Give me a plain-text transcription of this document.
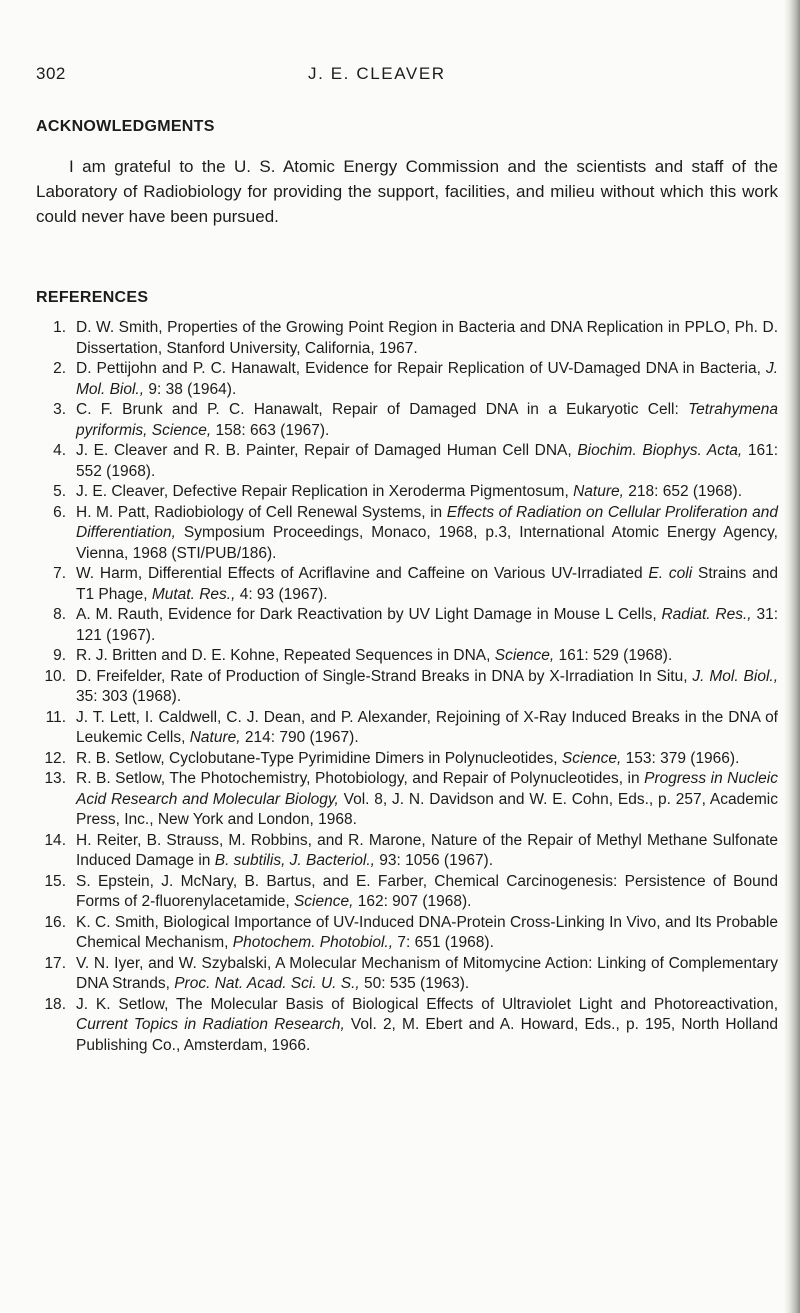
302	J. E. CLEAVER
ACKNOWLEDGMENTS

I am grateful to the U. S. Atomic Energy Commission and the scientists and staff of the Laboratory of Radiobiology for providing the support, facilities, and milieu without which this work could never have been pursued.

REFERENCES
1 . D. W. Smith, Properties of the Growing Point Region in Bacteria and DNA Replication in PPLO, Ph. D. Dissertation, Stanford University, California, 1967.
2 . D. Pettijohn and P. C. Hanawalt, Evidence for Repair Replication of UV-Damaged DNA in Bacteria, J. Mol. Biol., 9: 38 (1964).
3 . C. F. Brunk and P. C. Hanawalt, Repair of Damaged DNA in a Eukaryotic Cell: Tetrahymena pyriformis, Science, 158: 663 (1967).
4 . J. E. Cleaver and R. B. Painter, Repair of Damaged Human Cell DNA, Biochim. Biophys. Acta, 161: 552 (1968).
5 . J. E. Cleaver, Defective Repair Replication in Xeroderma Pigmentosum, Nature, 218: 652 (1968).
6 . H. M. Patt, Radiobiology of Cell Renewal Systems, in Effects of Radiation on Cellular Proliferation and Differentiation, Symposium Proceedings, Monaco, 1968, p.3, International Atomic Energy Agency, Vienna, 1968 (STI/PUB/186).
7 . W. Harm, Differential Effects of Acriflavine and Caffeine on Various UV-Irradiated E. coli Strains and T1 Phage, Mutat. Res., 4: 93 (1967).
8 . A. M. Rauth, Evidence for Dark Reactivation by UV Light Damage in Mouse L Cells, Radiat. Res., 31: 121 (1967).
9 . R. J. Britten and D. E. Kohne, Repeated Sequences in DNA, Science, 161: 529 (1968).
10 . D. Freifelder, Rate of Production of Single-Strand Breaks in DNA by X-Irradiation In Situ, J. Mol. Biol., 35: 303 (1968).
11 . J. T. Lett, I. Caldwell, C. J. Dean, and P. Alexander, Rejoining of X-Ray Induced Breaks in the DNA of Leukemic Cells, Nature, 214: 790 (1967).
12 . R. B. Setlow, Cyclobutane-Type Pyrimidine Dimers in Polynucleotides, Science, 153: 379 (1966).
13 . R. B. Setlow, The Photochemistry, Photobiology, and Repair of Polynucleotides, in Progress in Nucleic Acid Research and Molecular Biology, Vol. 8, J. N. Davidson and W. E. Cohn, Eds., p. 257, Academic Press, Inc., New York and London, 1968.
14 . H. Reiter, B. Strauss, M. Robbins, and R. Marone, Nature of the Repair of Methyl Methane Sulfonate Induced Damage in B. subtilis, J. Bacteriol., 93: 1056 (1967).
15 . S. Epstein, J. McNary, B. Bartus, and E. Farber, Chemical Carcinogenesis: Persistence of Bound Forms of 2-fluorenylacetamide, Science, 162: 907 (1968).
16 . K. C. Smith, Biological Importance of UV-Induced DNA-Protein Cross-Linking In Vivo, and Its Probable Chemical Mechanism, Photochem. Photobiol., 7: 651 (1968).
17 . V. N. Iyer, and W. Szybalski, A Molecular Mechanism of Mitomycine Action: Linking of Complementary DNA Strands, Proc. Nat. Acad. Sci. U. S., 50: 535 (1963).
18 . J. K. Setlow, The Molecular Basis of Biological Effects of Ultraviolet Light and Photoreactivation, Current Topics in Radiation Research, Vol. 2, M. Ebert and A. Howard, Eds., p. 195, North Holland Publishing Co., Amsterdam, 1966.
